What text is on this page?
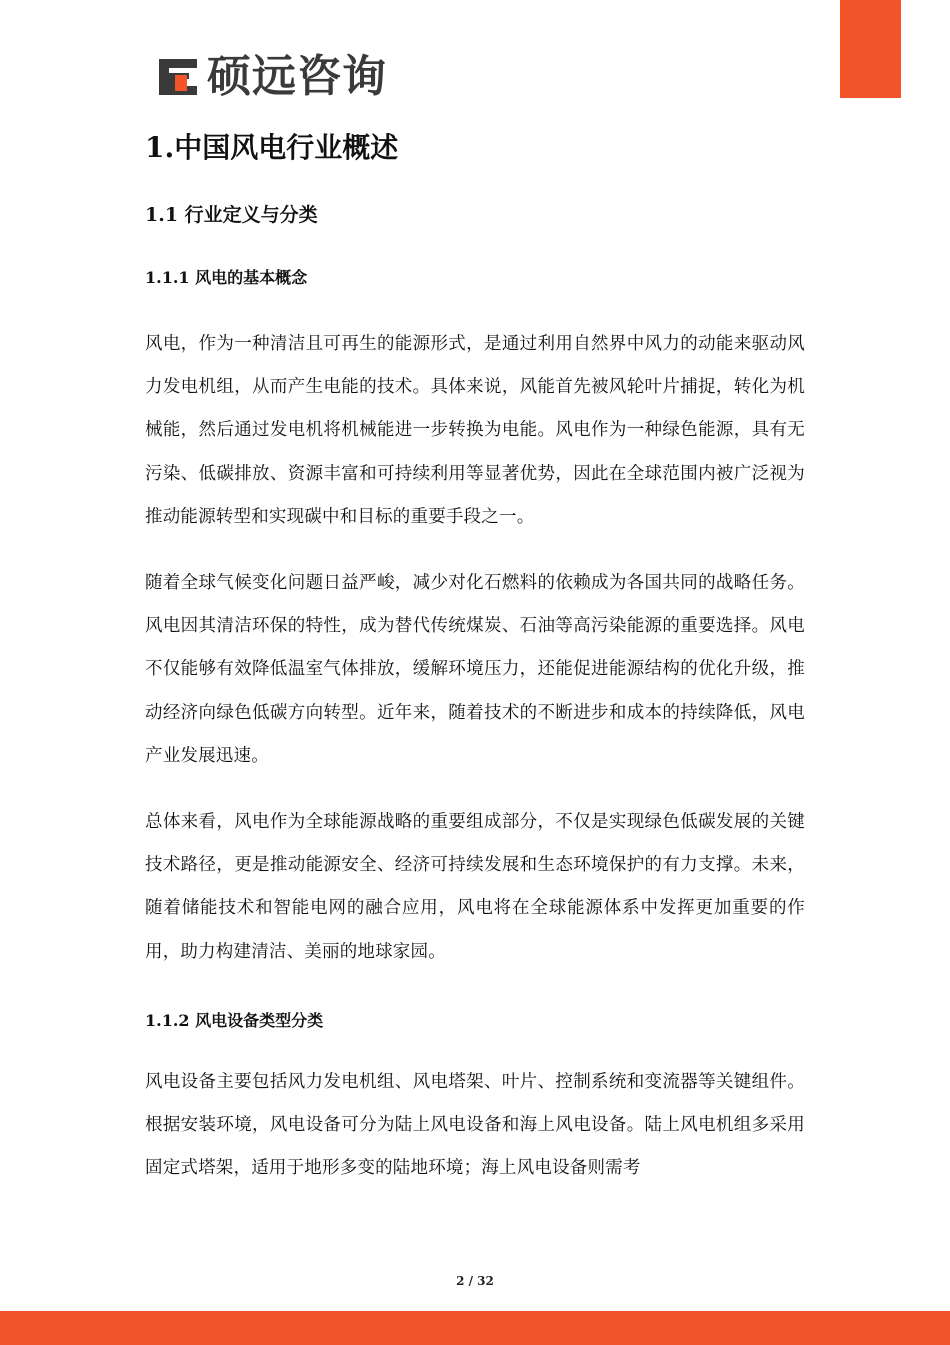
硕远咨询
1.中国风电行业概述
1.1 行业定义与分类
1.1.1 风电的基本概念

风电，作为一种清洁且可再生的能源形式，是通过利用自然界中风力的动能来驱动风力发电机组，从而产生电能的技术。具体来说，风能首先被风轮叶片捕捉，转化为机械能，然后通过发电机将机械能进一步转换为电能。风电作为一种绿色能源，具有无污染、低碳排放、资源丰富和可持续利用等显著优势，因此在全球范围内被广泛视为推动能源转型和实现碳中和目标的重要手段之一。

随着全球气候变化问题日益严峻，减少对化石燃料的依赖成为各国共同的战略任务。风电因其清洁环保的特性，成为替代传统煤炭、石油等高污染能源的重要选择。风电不仅能够有效降低温室气体排放，缓解环境压力，还能促进能源结构的优化升级，推动经济向绿色低碳方向转型。近年来，随着技术的不断进步和成本的持续降低，风电产业发展迅速。

总体来看，风电作为全球能源战略的重要组成部分，不仅是实现绿色低碳发展的关键技术路径，更是推动能源安全、经济可持续发展和生态环境保护的有力支撑。未来，随着储能技术和智能电网的融合应用，风电将在全球能源体系中发挥更加重要的作用，助力构建清洁、美丽的地球家园。

1.1.2 风电设备类型分类

风电设备主要包括风力发电机组、风电塔架、叶片、控制系统和变流器等关键组件。根据安装环境，风电设备可分为陆上风电设备和海上风电设备。陆上风电机组多采用固定式塔架，适用于地形多变的陆地环境；海上风电设备则需考

2 / 32
